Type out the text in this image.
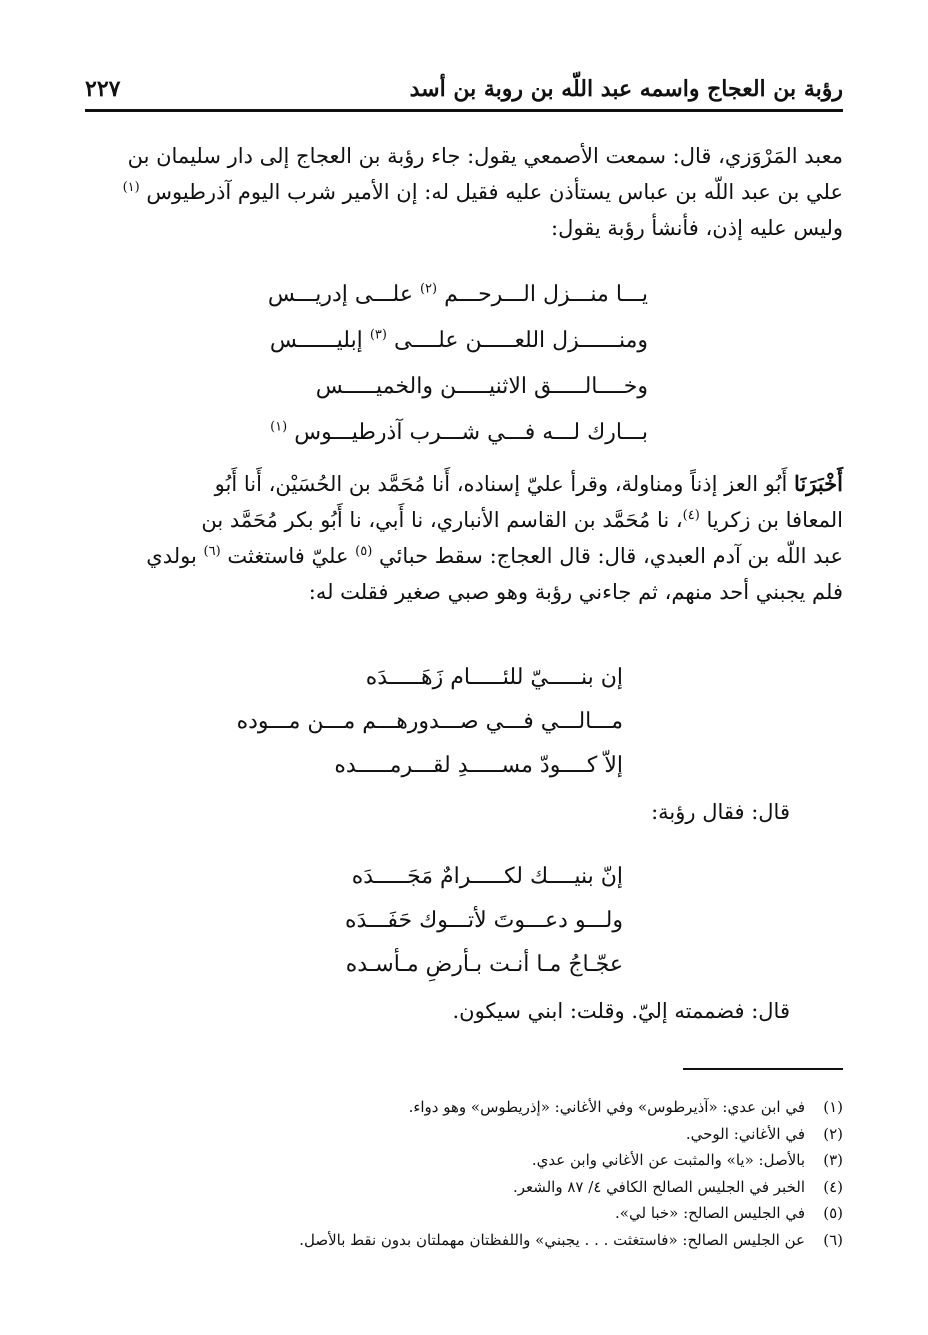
رؤبة بن العجاج واسمه عبد اللّه بن روبة بن أسد
٢٢٧

معبد المَرْوَزي، قال: سمعت الأصمعي يقول: جاء رؤبة بن العجاج إلى دار سليمان بن

علي بن عبد اللّه بن عباس يستأذن عليه فقيل له: إن الأمير شرب اليوم آذرطيوس $^{(١)}$

وليس عليه إذن، فأنشأ رؤبة يقول:

يـــا منـــزل الـــرحـــم $^{(٢)}$ علـــى إدريـــس
ومنــــــزل اللعـــــن علــــى $^{(٣)}$ إبليــــــس
وخــــالـــــق الاثنيـــــن والخميـــــس
بـــارك لـــه فـــي شـــرب آذرطيـــوس $^{(١)}$

أَخْبَرَنَا أَبُو العز إذناً ومناولة، وقرأ عليّ إسناده، أَنا مُحَمَّد بن الحُسَيْن، أَنا أَبُو

المعافا بن زكريا $^{(٤)}$، نا مُحَمَّد بن القاسم الأنباري، نا أَبي، نا أَبُو بكر مُحَمَّد بن

عبد اللّه بن آدم العبدي، قال: قال العجاج: سقط حبائي $^{(٥)}$ عليّ فاستغثت $^{(٦)}$ بولدي

فلم يجبني أحد منهم، ثم جاءني رؤبة وهو صبي صغير فقلت له:

إن بنـــــيّ للئـــــام زَهَـــــدَه
مـــالـــي فـــي صـــدورهـــم مـــن مـــوده
إلاّ كــــودّ مســـــدِ لقـــرمـــــده
قال: فقال رؤبة:
إنّ بنيــــك لكـــــرامٌ مَجَـــــدَه
ولـــو دعـــوتَ لأتـــوك حَفَـــدَه
عجّـاجُ مـا أنـت بـأرضِ مـأسـده
قال: فضممته إليّ. وقلت: ابني سيكون.
(١)
في ابن عدي: «آذيرطوس» وفي الأغاني: «إذريطوس» وهو دواء.
(٢)
في الأغاني: الوحي.
(٣)
بالأصل: «يا» والمثبت عن الأغاني وابن عدي.
(٤)
الخبر في الجليس الصالح الكافي ٤/ ٨٧ والشعر.
(٥)
في الجليس الصالح: «خبا لي».
(٦)
عن الجليس الصالح: «فاستغثت . . . يجبني» واللفظتان مهملتان بدون نقط بالأصل.
